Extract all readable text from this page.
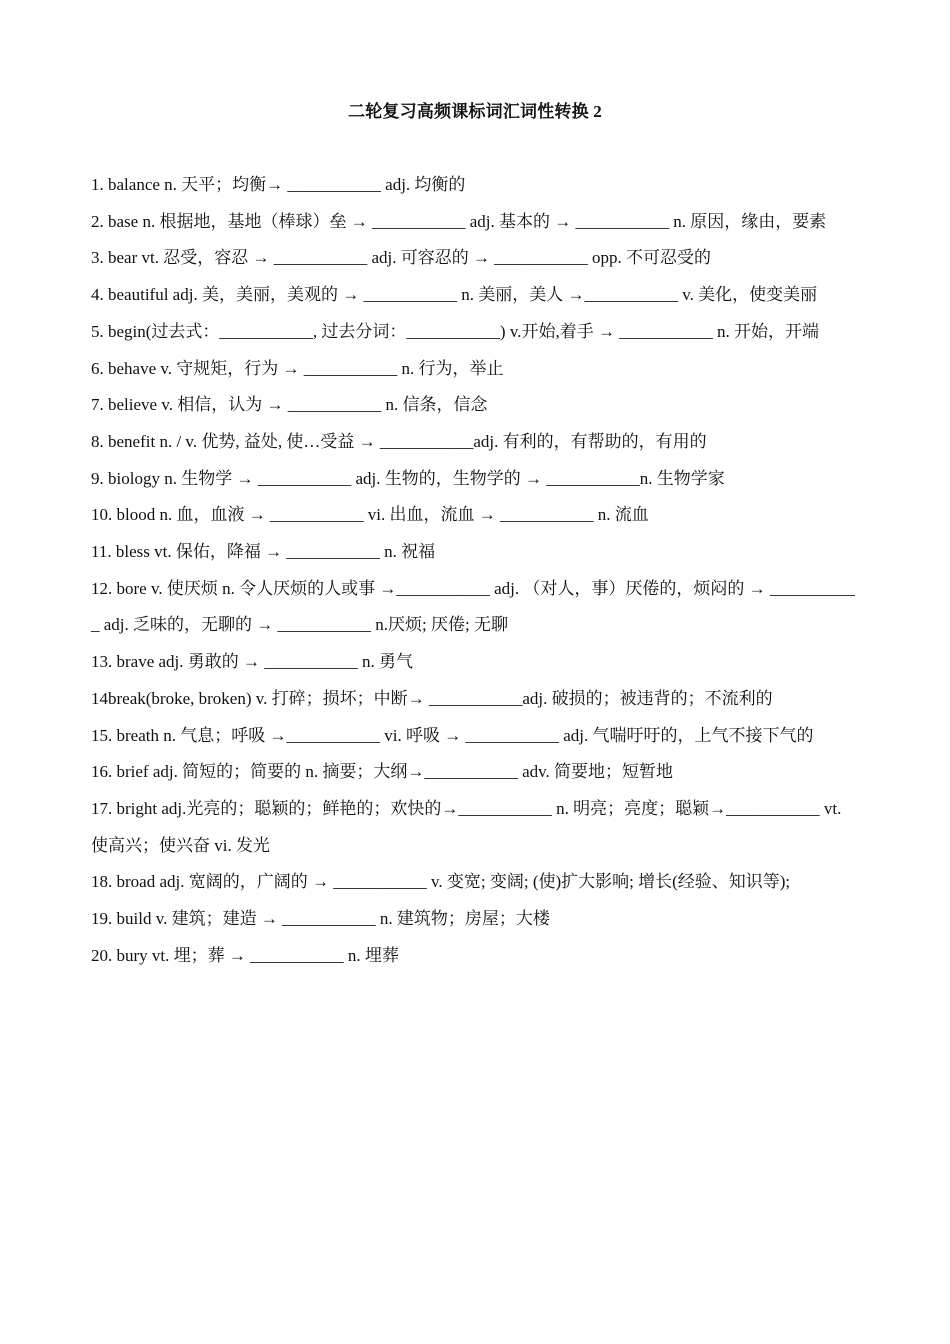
二轮复习高频课标词汇词性转换 2

1. balance n. 天平；均衡→ ___________ adj. 均衡的

2. base n. 根据地，基地（棒球）垒 → ___________ adj. 基本的 → ___________ n. 原因，缘由，要素

3. bear vt. 忍受，容忍 → ___________ adj. 可容忍的 → ___________ opp. 不可忍受的

4. beautiful adj. 美，美丽，美观的 → ___________ n. 美丽，美人 →___________ v. 美化，使变美丽

5. begin(过去式：___________, 过去分词：___________) v.开始,着手 → ___________ n. 开始，开端

6. behave v. 守规矩，行为 → ___________ n. 行为，举止

7. believe v. 相信，认为 → ___________ n. 信条，信念

8. benefit n. / v. 优势, 益处, 使…受益 → ___________adj. 有利的，有帮助的，有用的

9. biology n. 生物学 → ___________ adj. 生物的，生物学的 → ___________n. 生物学家

10. blood n. 血，血液 → ___________ vi. 出血，流血 → ___________ n. 流血

11. bless vt. 保佑，降福 → ___________ n. 祝福

12. bore v. 使厌烦 n. 令人厌烦的人或事 →___________ adj. （对人，事）厌倦的，烦闷的 → ___________ adj. 乏味的，无聊的 → ___________ n.厌烦; 厌倦; 无聊

13. brave adj. 勇敢的 → ___________ n. 勇气

14break(broke, broken) v. 打碎；损坏；中断→ ___________adj. 破损的；被违背的；不流利的

15. breath n. 气息；呼吸 →___________ vi. 呼吸 → ___________ adj. 气喘吁吁的，上气不接下气的

16. brief adj. 简短的；简要的 n. 摘要；大纲→___________ adv. 简要地；短暂地

17. bright adj.光亮的；聪颖的；鲜艳的；欢快的→___________ n. 明亮；亮度；聪颖→___________ vt. 使高兴；使兴奋 vi. 发光

18. broad adj. 宽阔的，广阔的 → ___________ v. 变宽; 变阔; (使)扩大影响; 增长(经验、知识等);

19. build v. 建筑；建造 → ___________ n. 建筑物；房屋；大楼

20. bury vt. 埋；葬 → ___________ n. 埋葬
